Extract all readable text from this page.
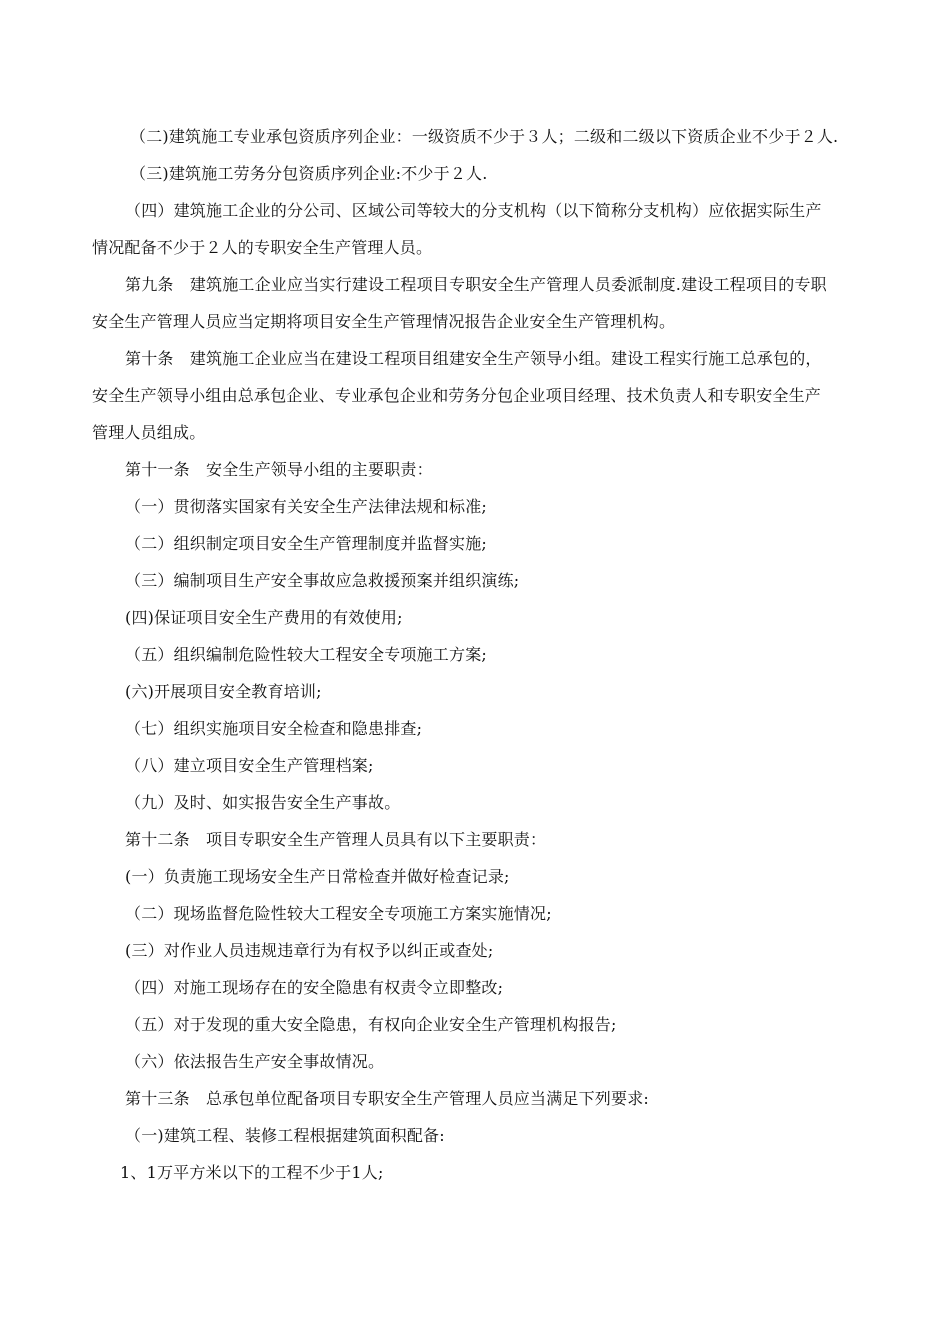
（二)建筑施工专业承包资质序列企业：一级资质不少于３人；二级和二级以下资质企业不少于２人.
（三)建筑施工劳务分包资质序列企业:不少于２人.
（四）建筑施工企业的分公司、区域公司等较大的分支机构（以下简称分支机构）应依据实际生产
情况配备不少于２人的专职安全生产管理人员。
第九条　建筑施工企业应当实行建设工程项目专职安全生产管理人员委派制度.建设工程项目的专职
安全生产管理人员应当定期将项目安全生产管理情况报告企业安全生产管理机构。
第十条　建筑施工企业应当在建设工程项目组建安全生产领导小组。建设工程实行施工总承包的，
安全生产领导小组由总承包企业、专业承包企业和劳务分包企业项目经理、技术负责人和专职安全生产
管理人员组成。
第十一条　安全生产领导小组的主要职责：
（一）贯彻落实国家有关安全生产法律法规和标准;
（二）组织制定项目安全生产管理制度并监督实施;
（三）编制项目生产安全事故应急救援预案并组织演练;
(四)保证项目安全生产费用的有效使用;
（五）组织编制危险性较大工程安全专项施工方案;
(六)开展项目安全教育培训;
（七）组织实施项目安全检查和隐患排查;
（八）建立项目安全生产管理档案;
（九）及时、如实报告安全生产事故。
第十二条　项目专职安全生产管理人员具有以下主要职责：
(一）负责施工现场安全生产日常检查并做好检查记录;
（二）现场监督危险性较大工程安全专项施工方案实施情况;
(三）对作业人员违规违章行为有权予以纠正或查处;
（四）对施工现场存在的安全隐患有权责令立即整改;
（五）对于发现的重大安全隐患，有权向企业安全生产管理机构报告;
（六）依法报告生产安全事故情况。
第十三条　总承包单位配备项目专职安全生产管理人员应当满足下列要求:
（一)建筑工程、装修工程根据建筑面积配备:
1、1万平方米以下的工程不少于1人;
